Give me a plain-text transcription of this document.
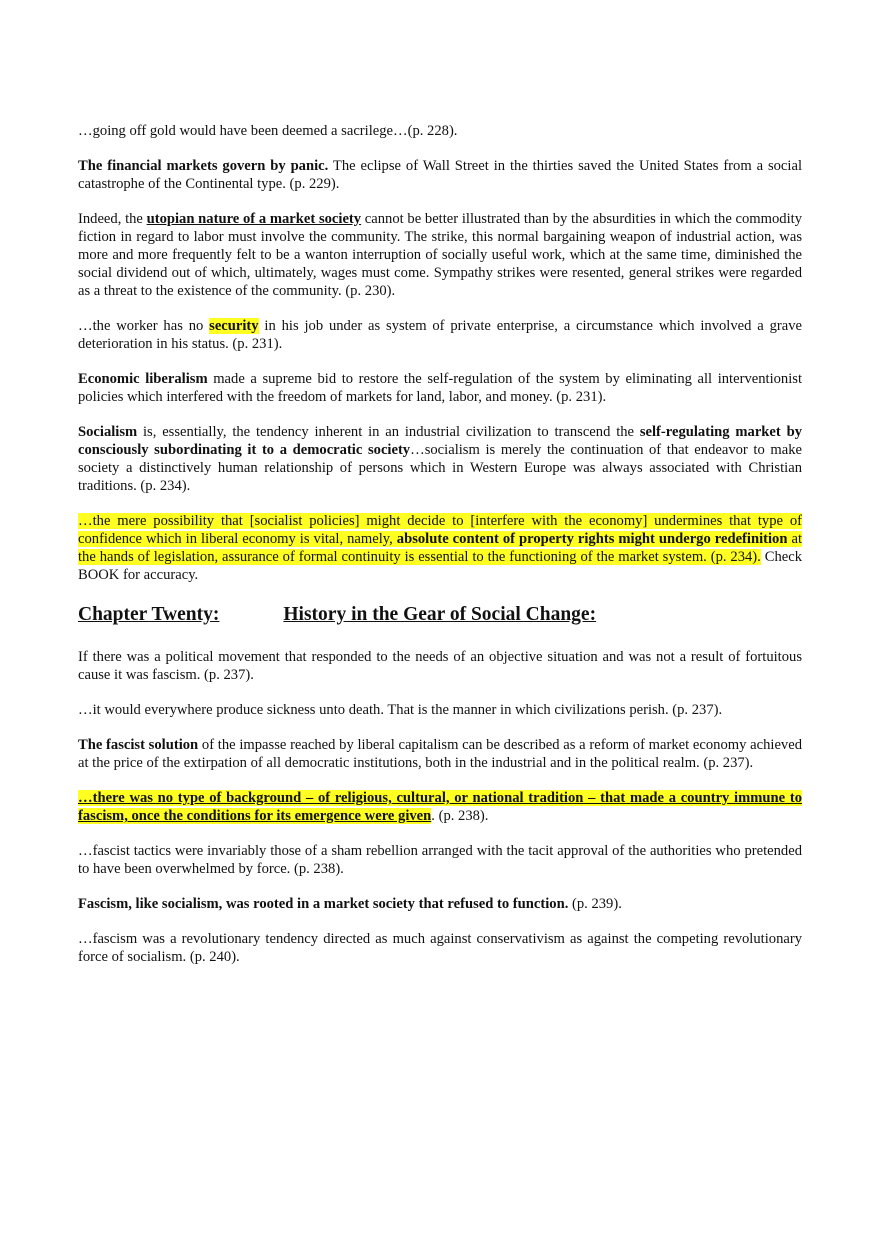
…going off gold would have been deemed a sacrilege…(p. 228).

The financial markets govern by panic. The eclipse of Wall Street in the thirties saved the United States from a social catastrophe of the Continental type. (p. 229).

Indeed, the utopian nature of a market society cannot be better illustrated than by the absurdities in which the commodity fiction in regard to labor must involve the community. The strike, this normal bargaining weapon of industrial action, was more and more frequently felt to be a wanton interruption of socially useful work, which at the same time, diminished the social dividend out of which, ultimately, wages must come. Sympathy strikes were resented, general strikes were regarded as a threat to the existence of the community. (p. 230).

…the worker has no security in his job under as system of private enterprise, a circumstance which involved a grave deterioration in his status. (p. 231).

Economic liberalism made a supreme bid to restore the self-regulation of the system by eliminating all interventionist policies which interfered with the freedom of markets for land, labor, and money. (p. 231).

Socialism is, essentially, the tendency inherent in an industrial civilization to transcend the self-regulating market by consciously subordinating it to a democratic society…socialism is merely the continuation of that endeavor to make society a distinctively human relationship of persons which in Western Europe was always associated with Christian traditions. (p. 234).

…the mere possibility that [socialist policies] might decide to [interfere with the economy] undermines that type of confidence which in liberal economy is vital, namely, absolute content of property rights might undergo redefinition at the hands of legislation, assurance of formal continuity is essential to the functioning of the market system. (p. 234). Check BOOK for accuracy.

Chapter Twenty:	History in the Gear of Social Change:

If there was a political movement that responded to the needs of an objective situation and was not a result of fortuitous cause it was fascism. (p. 237).

…it would everywhere produce sickness unto death. That is the manner in which civilizations perish. (p. 237).

The fascist solution of the impasse reached by liberal capitalism can be described as a reform of market economy achieved at the price of the extirpation of all democratic institutions, both in the industrial and in the political realm. (p. 237).

…there was no type of background – of religious, cultural, or national tradition – that made a country immune to fascism, once the conditions for its emergence were given. (p. 238).

…fascist tactics were invariably those of a sham rebellion arranged with the tacit approval of the authorities who pretended to have been overwhelmed by force. (p. 238).

Fascism, like socialism, was rooted in a market society that refused to function. (p. 239).

…fascism was a revolutionary tendency directed as much against conservativism as against the competing revolutionary force of socialism. (p. 240).
